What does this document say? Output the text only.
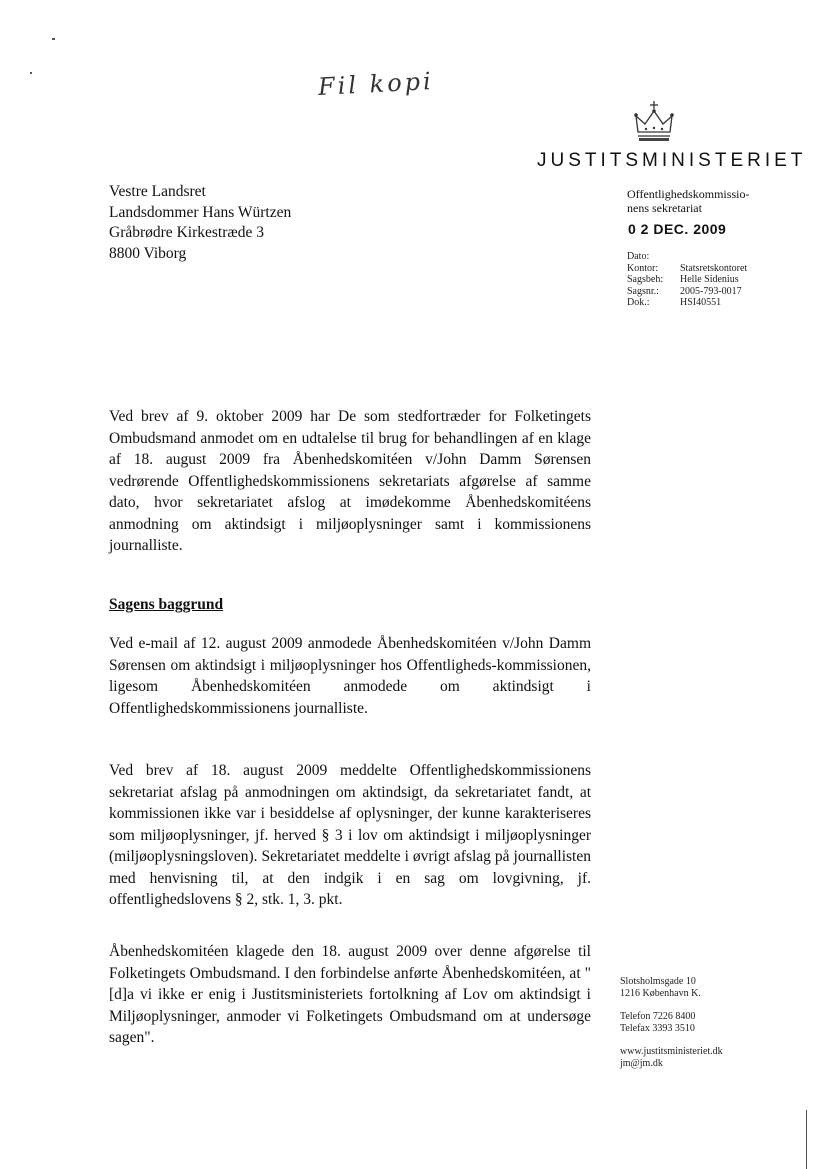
Fil kopi
JUSTITSMINISTERIET
Vestre Landsret
Landsdommer Hans Würtzen
Gråbrødre Kirkestræde 3
8800 Viborg
Offentlighedskommissio-
nens sekretariat
0 2 DEC. 2009
Dato:	
Kontor:	Statsretskontoret
Sagsbeh:	Helle Sidenius
Sagsnr.:	2005-793-0017
Dok.:	HSI40551
Ved brev af 9. oktober 2009 har De som stedfortræder for Folketingets Ombudsmand anmodet om en udtalelse til brug for behandlingen af en klage af 18. august 2009 fra Åbenhedskomitéen v/John Damm Sørensen vedrørende Offentlighedskommissionens sekretariats afgørelse af samme dato, hvor sekretariatet afslog at imødekomme Åbenhedskomitéens anmodning om aktindsigt i miljøoplysninger samt i kommissionens journalliste.
Sagens baggrund
Ved e-mail af 12. august 2009 anmodede Åbenhedskomitéen v/John Damm Sørensen om aktindsigt i miljøoplysninger hos Offentligheds-kommissionen, ligesom Åbenhedskomitéen anmodede om aktindsigt i Offentlighedskommissionens journalliste.
Ved brev af 18. august 2009 meddelte Offentlighedskommissionens sekretariat afslag på anmodningen om aktindsigt, da sekretariatet fandt, at kommissionen ikke var i besiddelse af oplysninger, der kunne karakteriseres som miljøoplysninger, jf. herved § 3 i lov om aktindsigt i miljøoplysninger (miljøoplysningsloven). Sekretariatet meddelte i øvrigt afslag på journallisten med henvisning til, at den indgik i en sag om lovgivning, jf. offentlighedslovens § 2, stk. 1, 3. pkt.
Åbenhedskomitéen klagede den 18. august 2009 over denne afgørelse til Folketingets Ombudsmand. I den forbindelse anførte Åbenhedskomitéen, at "[d]a vi ikke er enig i Justitsministeriets fortolkning af Lov om aktindsigt i Miljøoplysninger, anmoder vi Folketingets Ombudsmand om at undersøge sagen".
Slotsholmsgade 10
1216 København K.
Telefon 7226 8400
Telefax 3393 3510
www.justitsministeriet.dk
jm@jm.dk
